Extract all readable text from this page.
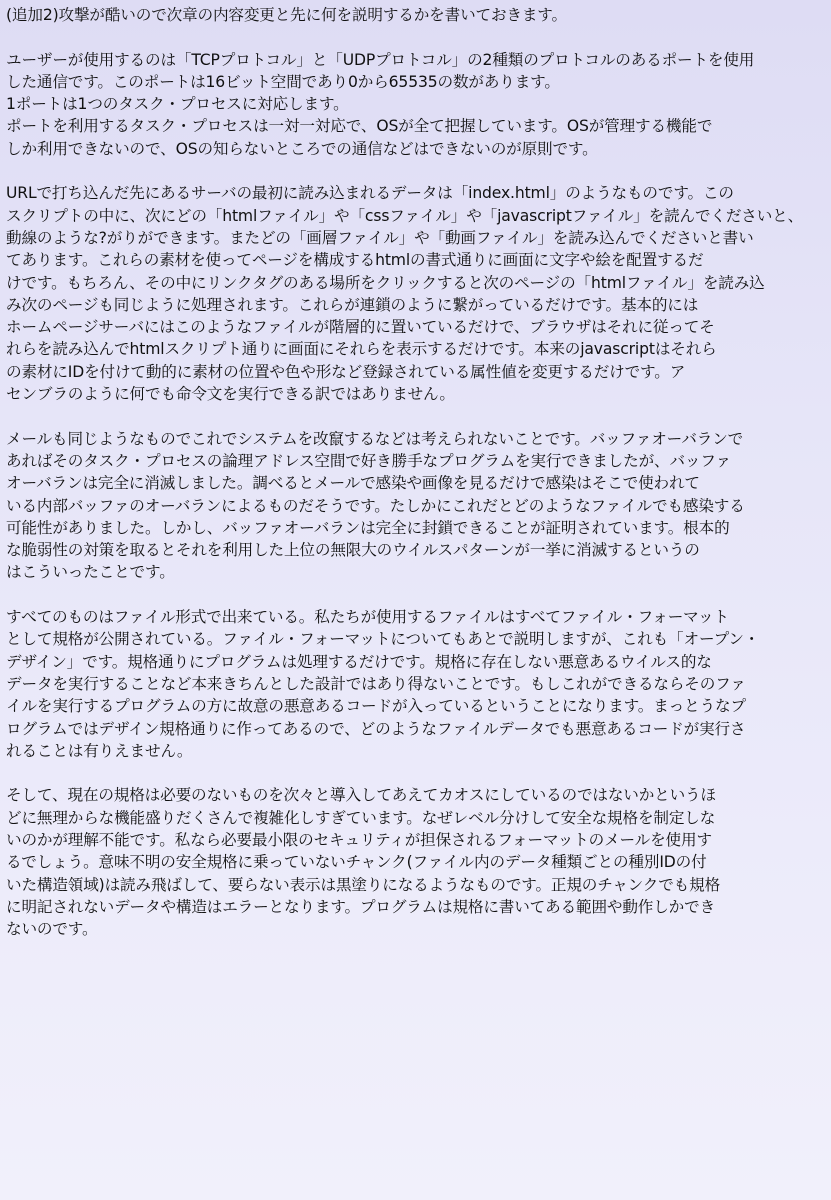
(追加2)攻撃が酷いので次章の内容変更と先に何を説明するかを書いておきます。
ユーザーが使用するのは「TCPプロトコル」と「UDPプロトコル」の2種類のプロトコルのあるポートを使用
した通信です。このポートは16ビット空間であり0から65535の数があります。
1ポートは1つのタスク・プロセスに対応します。
ポートを利用するタスク・プロセスは一対一対応で、OSが全て把握しています。OSが管理する機能で
しか利用できないので、OSの知らないところでの通信などはできないのが原則です。
URLで打ち込んだ先にあるサーバの最初に読み込まれるデータは「index.html」のようなものです。この
スクリプトの中に、次にどの「htmlファイル」や「cssファイル」や「javascriptファイル」を読んでくださいと、
動線のような?がりができます。またどの「画層ファイル」や「動画ファイル」を読み込んでくださいと書い
てあります。これらの素材を使ってページを構成するhtmlの書式通りに画面に文字や絵を配置するだ
けです。もちろん、その中にリンクタグのある場所をクリックすると次のページの「htmlファイル」を読み込
み次のページも同じように処理されます。これらが連鎖のように繋がっているだけです。基本的には
ホームページサーバにはこのようなファイルが階層的に置いているだけで、ブラウザはそれに従ってそ
れらを読み込んでhtmlスクリプト通りに画面にそれらを表示するだけです。本来のjavascriptはそれら
の素材にIDを付けて動的に素材の位置や色や形など登録されている属性値を変更するだけです。ア
センブラのように何でも命令文を実行できる訳ではありません。
メールも同じようなものでこれでシステムを改竄するなどは考えられないことです。バッファオーバランで
あればそのタスク・プロセスの論理アドレス空間で好き勝手なプログラムを実行できましたが、バッファ
オーバランは完全に消滅しました。調べるとメールで感染や画像を見るだけで感染はそこで使われて
いる内部バッファのオーバランによるものだそうです。たしかにこれだとどのようなファイルでも感染する
可能性がありました。しかし、バッファオーバランは完全に封鎖できることが証明されています。根本的
な脆弱性の対策を取るとそれを利用した上位の無限大のウイルスパターンが一挙に消滅するというの
はこういったことです。
すべてのものはファイル形式で出来ている。私たちが使用するファイルはすべてファイル・フォーマット
として規格が公開されている。ファイル・フォーマットについてもあとで説明しますが、これも「オープン・
デザイン」です。規格通りにプログラムは処理するだけです。規格に存在しない悪意あるウイルス的な
データを実行することなど本来きちんとした設計ではあり得ないことです。もしこれができるならそのファ
イルを実行するプログラムの方に故意の悪意あるコードが入っているということになります。まっとうなプ
ログラムではデザイン規格通りに作ってあるので、どのようなファイルデータでも悪意あるコードが実行さ
れることは有りえません。
そして、現在の規格は必要のないものを次々と導入してあえてカオスにしているのではないかというほ
どに無理からな機能盛りだくさんで複雑化しすぎています。なぜレベル分けして安全な規格を制定しな
いのかが理解不能です。私なら必要最小限のセキュリティが担保されるフォーマットのメールを使用す
るでしょう。意味不明の安全規格に乗っていないチャンク(ファイル内のデータ種類ごとの種別IDの付
いた構造領域)は読み飛ばして、要らない表示は黒塗りになるようなものです。正規のチャンクでも規格
に明記されないデータや構造はエラーとなります。プログラムは規格に書いてある範囲や動作しかでき
ないのです。
